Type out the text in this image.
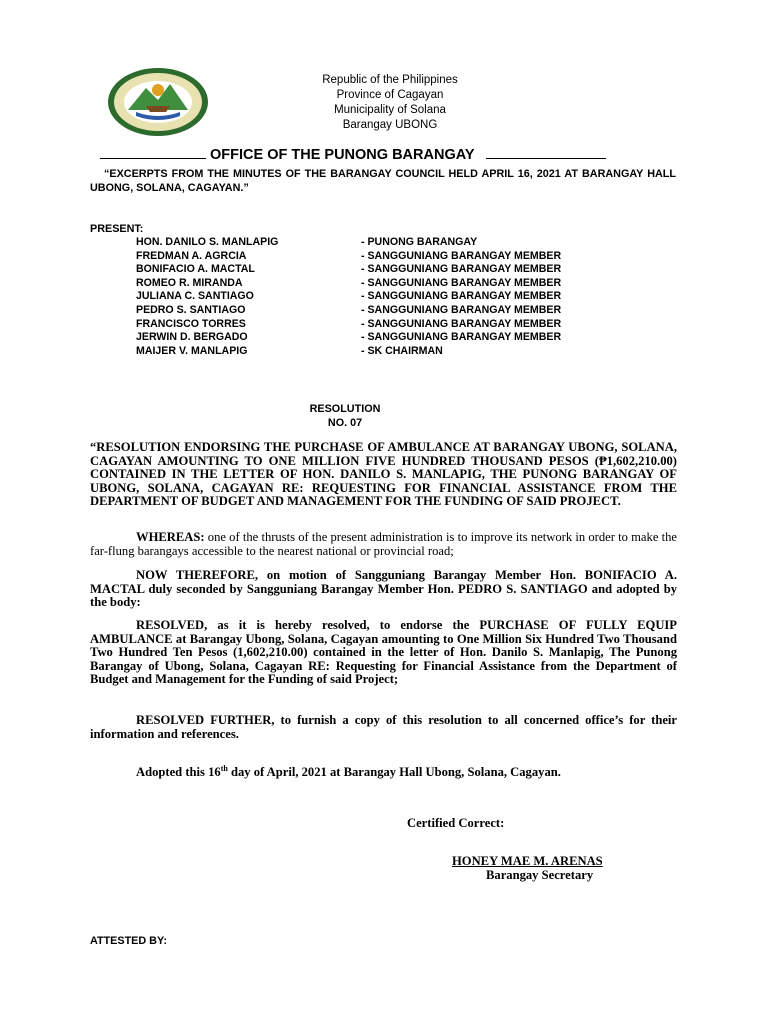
Republic of the Philippines
Province of Cagayan
Municipality of Solana
Barangay UBONG
OFFICE OF THE PUNONG BARANGAY
“EXCERPTS FROM THE MINUTES OF THE BARANGAY COUNCIL HELD APRIL 16, 2021 AT BARANGAY HALL UBONG, SOLANA, CAGAYAN.”
PRESENT:
HON. DANILO S. MANLAPIG	- PUNONG BARANGAY
FREDMAN A. AGRCIA	- SANGGUNIANG BARANGAY MEMBER
BONIFACIO A. MACTAL	- SANGGUNIANG BARANGAY MEMBER
ROMEO R. MIRANDA	- SANGGUNIANG BARANGAY MEMBER
JULIANA C. SANTIAGO	- SANGGUNIANG BARANGAY MEMBER
PEDRO S. SANTIAGO	- SANGGUNIANG BARANGAY MEMBER
FRANCISCO TORRES	- SANGGUNIANG BARANGAY MEMBER
JERWIN D. BERGADO	- SANGGUNIANG BARANGAY MEMBER
MAIJER V. MANLAPIG	- SK CHAIRMAN
RESOLUTION
NO. 07
“RESOLUTION ENDORSING THE PURCHASE OF AMBULANCE AT BARANGAY UBONG, SOLANA, CAGAYAN AMOUNTING TO ONE MILLION FIVE HUNDRED THOUSAND PESOS (₱1,602,210.00) CONTAINED IN THE LETTER OF HON. DANILO S. MANLAPIG, THE PUNONG BARANGAY OF UBONG, SOLANA, CAGAYAN RE: REQUESTING FOR FINANCIAL ASSISTANCE FROM THE DEPARTMENT OF BUDGET AND MANAGEMENT FOR THE FUNDING OF SAID PROJECT.
WHEREAS: one of the thrusts of the present administration is to improve its network in order to make the far-flung barangays accessible to the nearest national or provincial road;
NOW THEREFORE, on motion of Sangguniang Barangay Member Hon. BONIFACIO A. MACTAL duly seconded by Sangguniang Barangay Member Hon. PEDRO S. SANTIAGO and adopted by the body:
RESOLVED, as it is hereby resolved, to endorse the PURCHASE OF FULLY EQUIP AMBULANCE at Barangay Ubong, Solana, Cagayan amounting to One Million Six Hundred Two Thousand Two Hundred Ten Pesos (1,602,210.00) contained in the letter of Hon. Danilo S. Manlapig, The Punong Barangay of Ubong, Solana, Cagayan RE: Requesting for Financial Assistance from the Department of Budget and Management for the Funding of said Project;
RESOLVED FURTHER, to furnish a copy of this resolution to all concerned office’s for their information and references.
Adopted this 16th day of April, 2021 at Barangay Hall Ubong, Solana, Cagayan.
Certified Correct:
HONEY MAE M. ARENAS
Barangay Secretary
ATTESTED BY:
